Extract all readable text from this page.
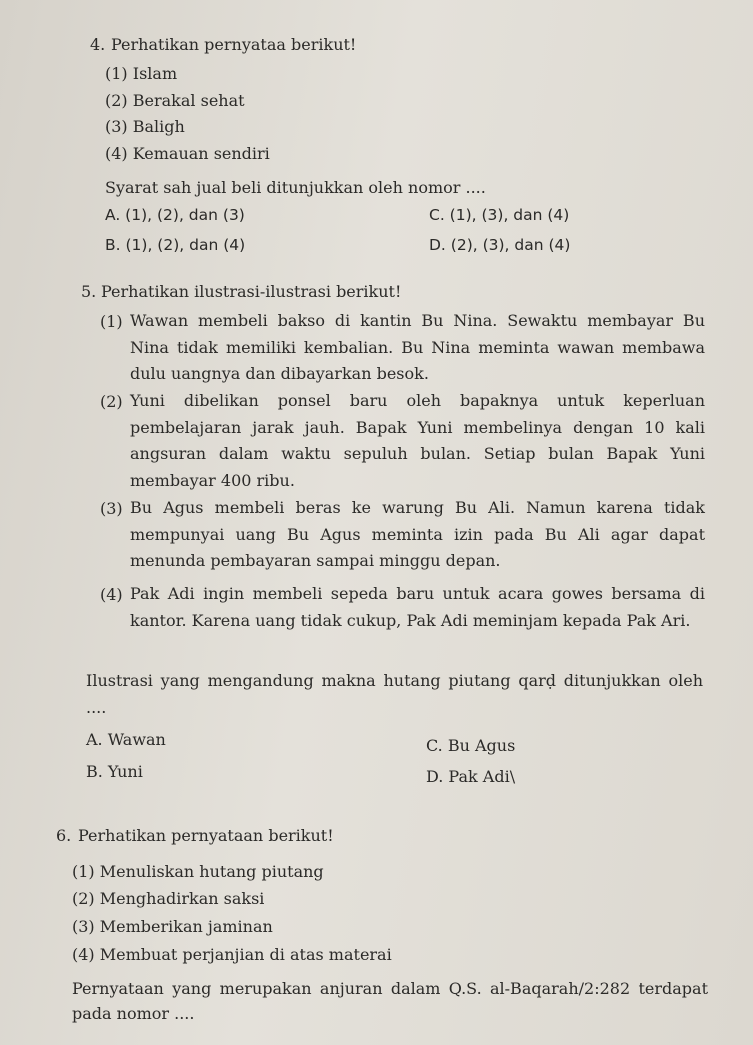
4. Perhatikan pernyataa berikut!
(1) Islam
(2) Berakal sehat
(3) Baligh
(4) Kemauan sendiri
Syarat sah jual beli ditunjukkan oleh nomor ....
A. (1), (2), dan (3)	C. (1), (3), dan (4)
B. (1), (2), dan (4)	D. (2), (3), dan (4)
5. Perhatikan ilustrasi-ilustrasi berikut!
(1) Wawan membeli bakso di kantin Bu Nina. Sewaktu membayar Bu Nina tidak memiliki kembalian. Bu Nina meminta wawan membawa dulu uangnya dan dibayarkan besok.
(2) Yuni dibelikan ponsel baru oleh bapaknya untuk keperluan pembelajaran jarak jauh. Bapak Yuni membelinya dengan 10 kali angsuran dalam waktu sepuluh bulan. Setiap bulan Bapak Yuni membayar 400 ribu.
(3) Bu Agus membeli beras ke warung Bu Ali. Namun karena tidak mempunyai uang Bu Agus meminta izin pada Bu Ali agar dapat menunda pembayaran sampai minggu depan.
(4) Pak Adi ingin membeli sepeda baru untuk acara gowes bersama di kantor. Karena uang tidak cukup, Pak Adi meminjam kepada Pak Ari.
Ilustrasi yang mengandung makna hutang piutang qarḍ ditunjukkan oleh ....
A. Wawan	C. Bu Agus
B. Yuni	D. Pak Adi\
6. Perhatikan pernyataan berikut!
(1) Menuliskan hutang piutang
(2) Menghadirkan saksi
(3) Memberikan jaminan
(4) Membuat perjanjian di atas materai
Pernyataan yang merupakan anjuran dalam Q.S. al-Baqarah/2:282 terdapat pada nomor ....
